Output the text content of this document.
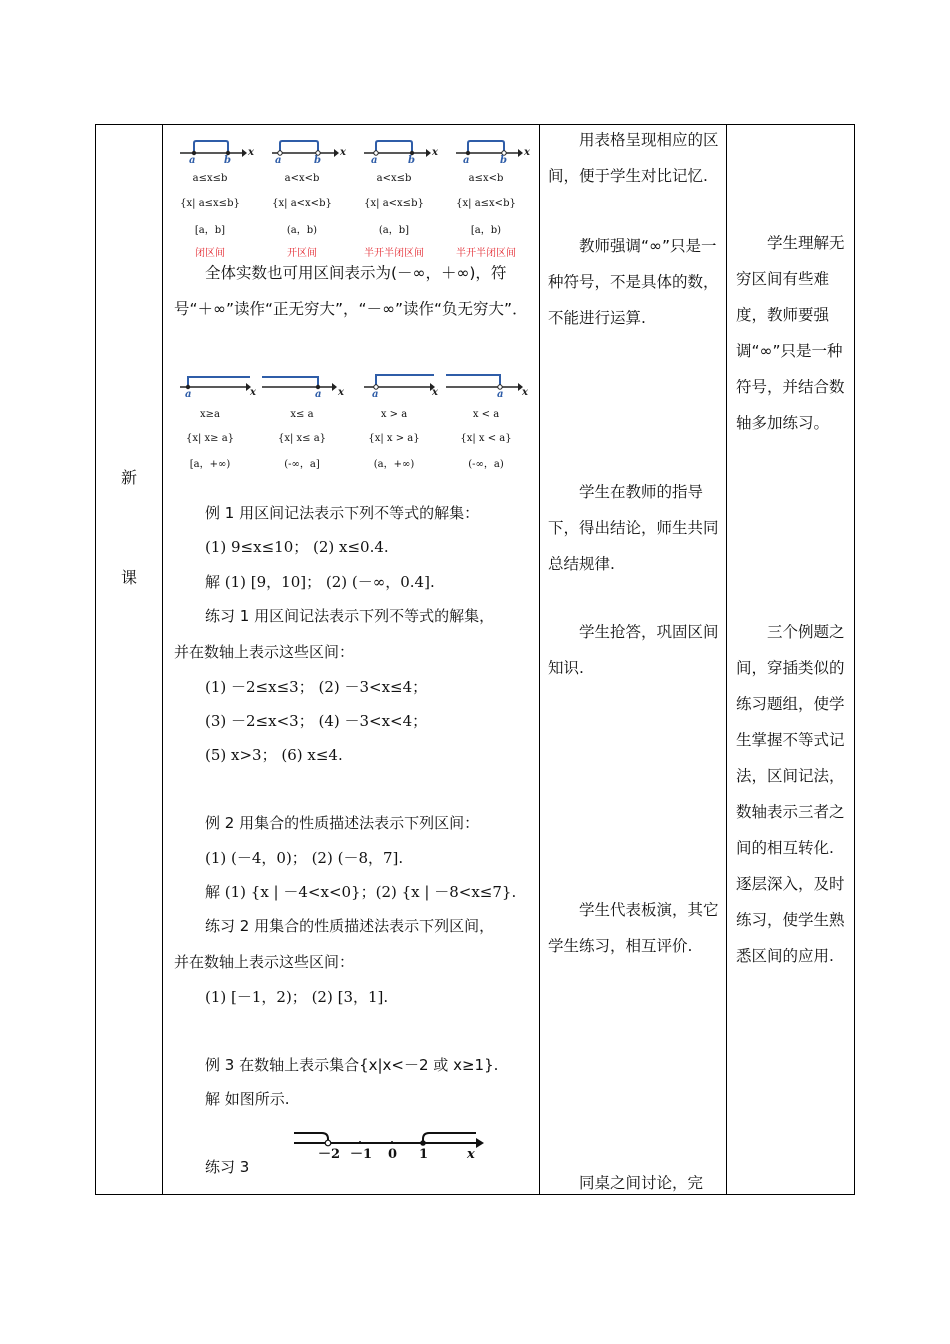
新
课
a	b
x
a	b
x
a	b
x
a	b
x
a≤x≤b	a<x<b	a<x≤b	a≤x<b
{x| a≤x≤b}	{x| a<x<b}	{x| a<x≤b}	{x| a≤x<b}
[a，b]	(a，b)	(a，b]	[a，b)
闭区间	开区间	半开半闭区间	半开半闭区间
全体实数也可用区间表示为(－∞，＋∞)，符号“＋∞”读作“正无穷大”，“－∞”读作“负无穷大”．
a	x	a x	a	x	a x
x≥a	x≤ a	x > a	x < a
{x| x≥ a}	{x| x≤ a}	{x| x > a}	{x| x < a}
[a，+∞)	(-∞，a]	(a，+∞)	(-∞，a)
例 1 用区间记法表示下列不等式的解集：
(1) 9≤x≤10； (2) x≤0.4.
解 (1) [9，10]； (2) (－∞，0.4].
练习 1 用区间记法表示下列不等式的解集，
并在数轴上表示这些区间：
(1) －2≤x≤3； (2) －3<x≤4；
(3) －2≤x<3； (4) －3<x<4；
(5) x>3； (6) x≤4.
例 2 用集合的性质描述法表示下列区间：
(1) (－4，0)； (2) (－8，7].
解 (1) {x | －4<x<0}；(2) {x | －8<x≤7}.
练习 2 用集合的性质描述法表示下列区间，
并在数轴上表示这些区间：
(1) [－1，2)； (2) [3，1].
例 3 在数轴上表示集合{x|x<－2 或 x≥1}.
解 如图所示.
－2 －1 0 1	x
练习 3
用表格呈现相应的区间，便于学生对比记忆.
教师强调“∞”只是一种符号，不是具体的数，不能进行运算.
学生在教师的指导下，得出结论，师生共同总结规律.
学生抢答，巩固区间知识.
学生代表板演，其它学生练习，相互评价.
同桌之间讨论，完
学生理解无穷区间有些难度，教师要强调“∞”只是一种符号，并结合数轴多加练习。
三个例题之间，穿插类似的练习题组，使学生掌握不等式记法，区间记法，数轴表示三者之间的相互转化. 逐层深入，及时练习，使学生熟悉区间的应用.
